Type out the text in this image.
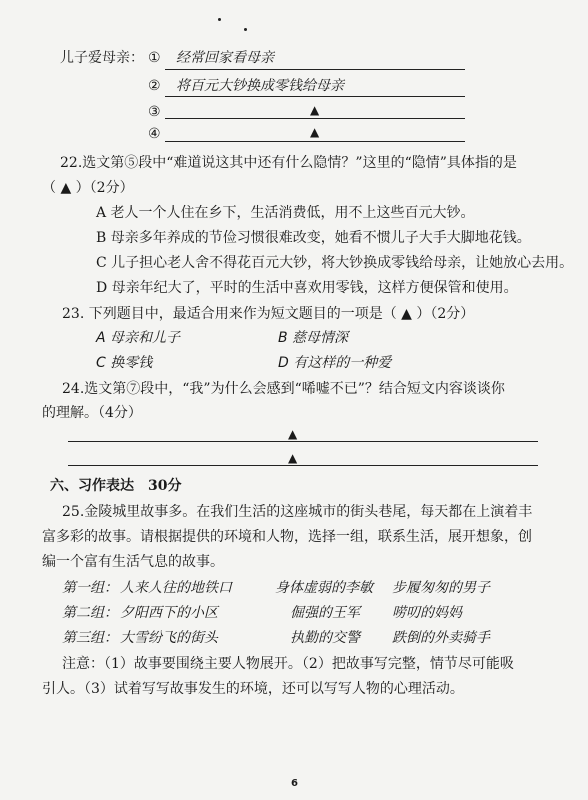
儿子爱母亲： ① 经常回家看母亲
② 将百元大钞换成零钱给母亲
③	▲
④	▲
22.选文第⑤段中“难道说这其中还有什么隐情？”这里的“隐情”具体指的是
（ ▲ ）（2分）
A 老人一个人住在乡下，生活消费低，用不上这些百元大钞。
B 母亲多年养成的节俭习惯很难改变，她看不惯儿子大手大脚地花钱。
C 儿子担心老人舍不得花百元大钞，将大钞换成零钱给母亲，让她放心去用。
D 母亲年纪大了，平时的生活中喜欢用零钱，这样方便保管和使用。
23. 下列题目中，最适合用来作为短文题目的一项是（ ▲ ）（2分）
A 母亲和儿子	B 慈母情深
C 换零钱	D 有这样的一种爱
24.选文第⑦段中，“我”为什么会感到“唏嘘不已”？结合短文内容谈谈你
的理解。（4分）
▲
▲
六、习作表达　30分
25.金陵城里故事多。在我们生活的这座城市的街头巷尾，每天都在上演着丰
富多彩的故事。请根据提供的环境和人物，选择一组，联系生活，展开想象，创
编一个富有生活气息的故事。
第一组： 人来人往的地铁口	身体虚弱的李敏 步履匆匆的男子
第二组： 夕阳西下的小区	倔强的王军 唠叨的妈妈
第三组： 大雪纷飞的街头	执勤的交警 跌倒的外卖骑手
注意：（1）故事要围绕主要人物展开。（2）把故事写完整，情节尽可能吸
引人。（3）试着写写故事发生的环境，还可以写写人物的心理活动。
6
